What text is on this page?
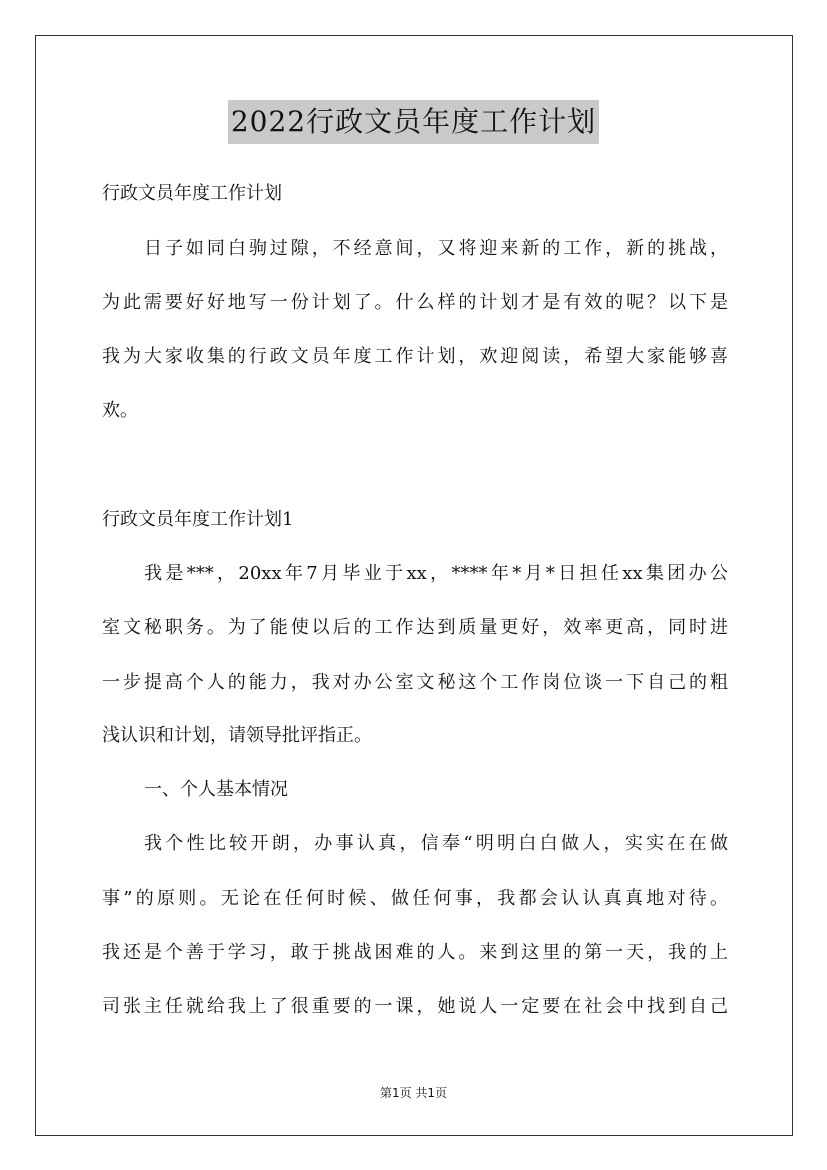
2022行政文员年度工作计划
行政文员年度工作计划
日子如同白驹过隙，不经意间，又将迎来新的工作，新的挑战，
为此需要好好地写一份计划了。什么样的计划才是有效的呢？以下是
我为大家收集的行政文员年度工作计划，欢迎阅读，希望大家能够喜
欢。
行政文员年度工作计划1
我是***，20xx年7月毕业于xx，****年*月*日担任xx集团办公
室文秘职务。为了能使以后的工作达到质量更好，效率更高，同时进
一步提高个人的能力，我对办公室文秘这个工作岗位谈一下自己的粗
浅认识和计划，请领导批评指正。
一、个人基本情况
我个性比较开朗，办事认真，信奉“明明白白做人，实实在在做
事”的原则。无论在任何时候、做任何事，我都会认认真真地对待。
我还是个善于学习，敢于挑战困难的人。来到这里的第一天，我的上
司张主任就给我上了很重要的一课，她说人一定要在社会中找到自己
第1页 共1页
